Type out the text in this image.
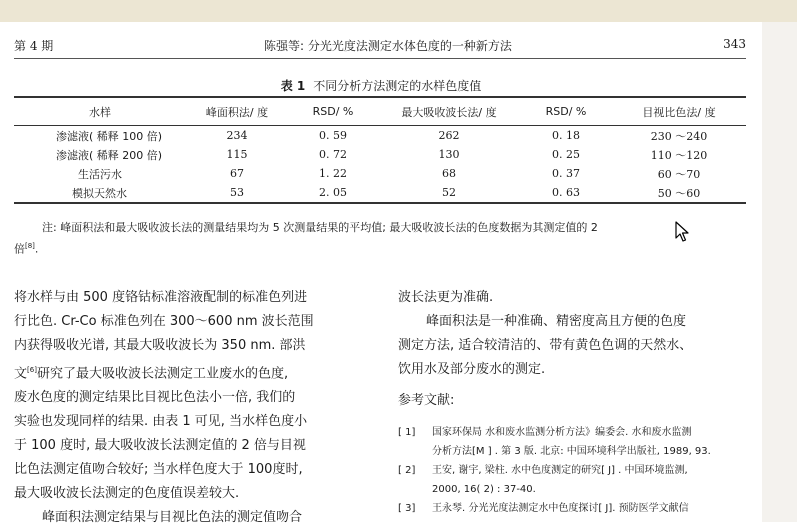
第 4 期	陈强等: 分光光度法测定水体色度的一种新方法	343
表 1 不同分析方法测定的水样色度值
水样	峰面积法/ 度	RSD/ %	最大吸收波长法/ 度	RSD/ %	目视比色法/ 度
渗滤液( 稀释 100 倍)	234	0. 59	262	0. 18	230 ～240
渗滤液( 稀释 200 倍)	115	0. 72	130	0. 25	110 ～120
生活污水	67	1. 22	68	0. 37	60 ～70
模拟天然水	53	2. 05	52	0. 63	50 ～60
注: 峰面积法和最大吸收波长法的测量结果均为 5 次测量结果的平均值; 最大吸收波长法的色度数据为其测定值的 2
倍[8].

将水样与由 500 度铬钴标准溶液配制的标准色列进

行比色. Cr-Co 标准色列在 300～600 nm 波长范围

内获得吸收光谱, 其最大吸收波长为 350 nm. 部洪

文[6]研究了最大吸收波长法测定工业废水的色度,

废水色度的测定结果比目视比色法小一倍, 我们的

实验也发现同样的结果. 由表 1 可见, 当水样色度小

于 100 度时, 最大吸收波长法测定值的 2 倍与目视

比色法测定值吻合较好; 当水样色度大于 100度时,

最大吸收波长法测定的色度值误差较大.

峰面积法测定结果与目视比色法的测定值吻合

波长法更为准确.

峰面积法是一种准确、精密度高且方便的色度

测定方法, 适合较清洁的、带有黄色色调的天然水、

饮用水及部分废水的测定.

参考文献:

[ 1] 国家环保局 水和废水监测分析方法》编委会. 水和废水监测
分析方法[M ] . 第 3 版. 北京: 中国环境科学出版社, 1989, 93.
[ 2] 王安, 谢宇, 梁柱. 水中色度测定的研究[ J] . 中国环境监测,
2000, 16( 2) : 37-40.
[ 3] 王永琴. 分光光度法测定水中色度探讨[ J]. 预防医学文献信
